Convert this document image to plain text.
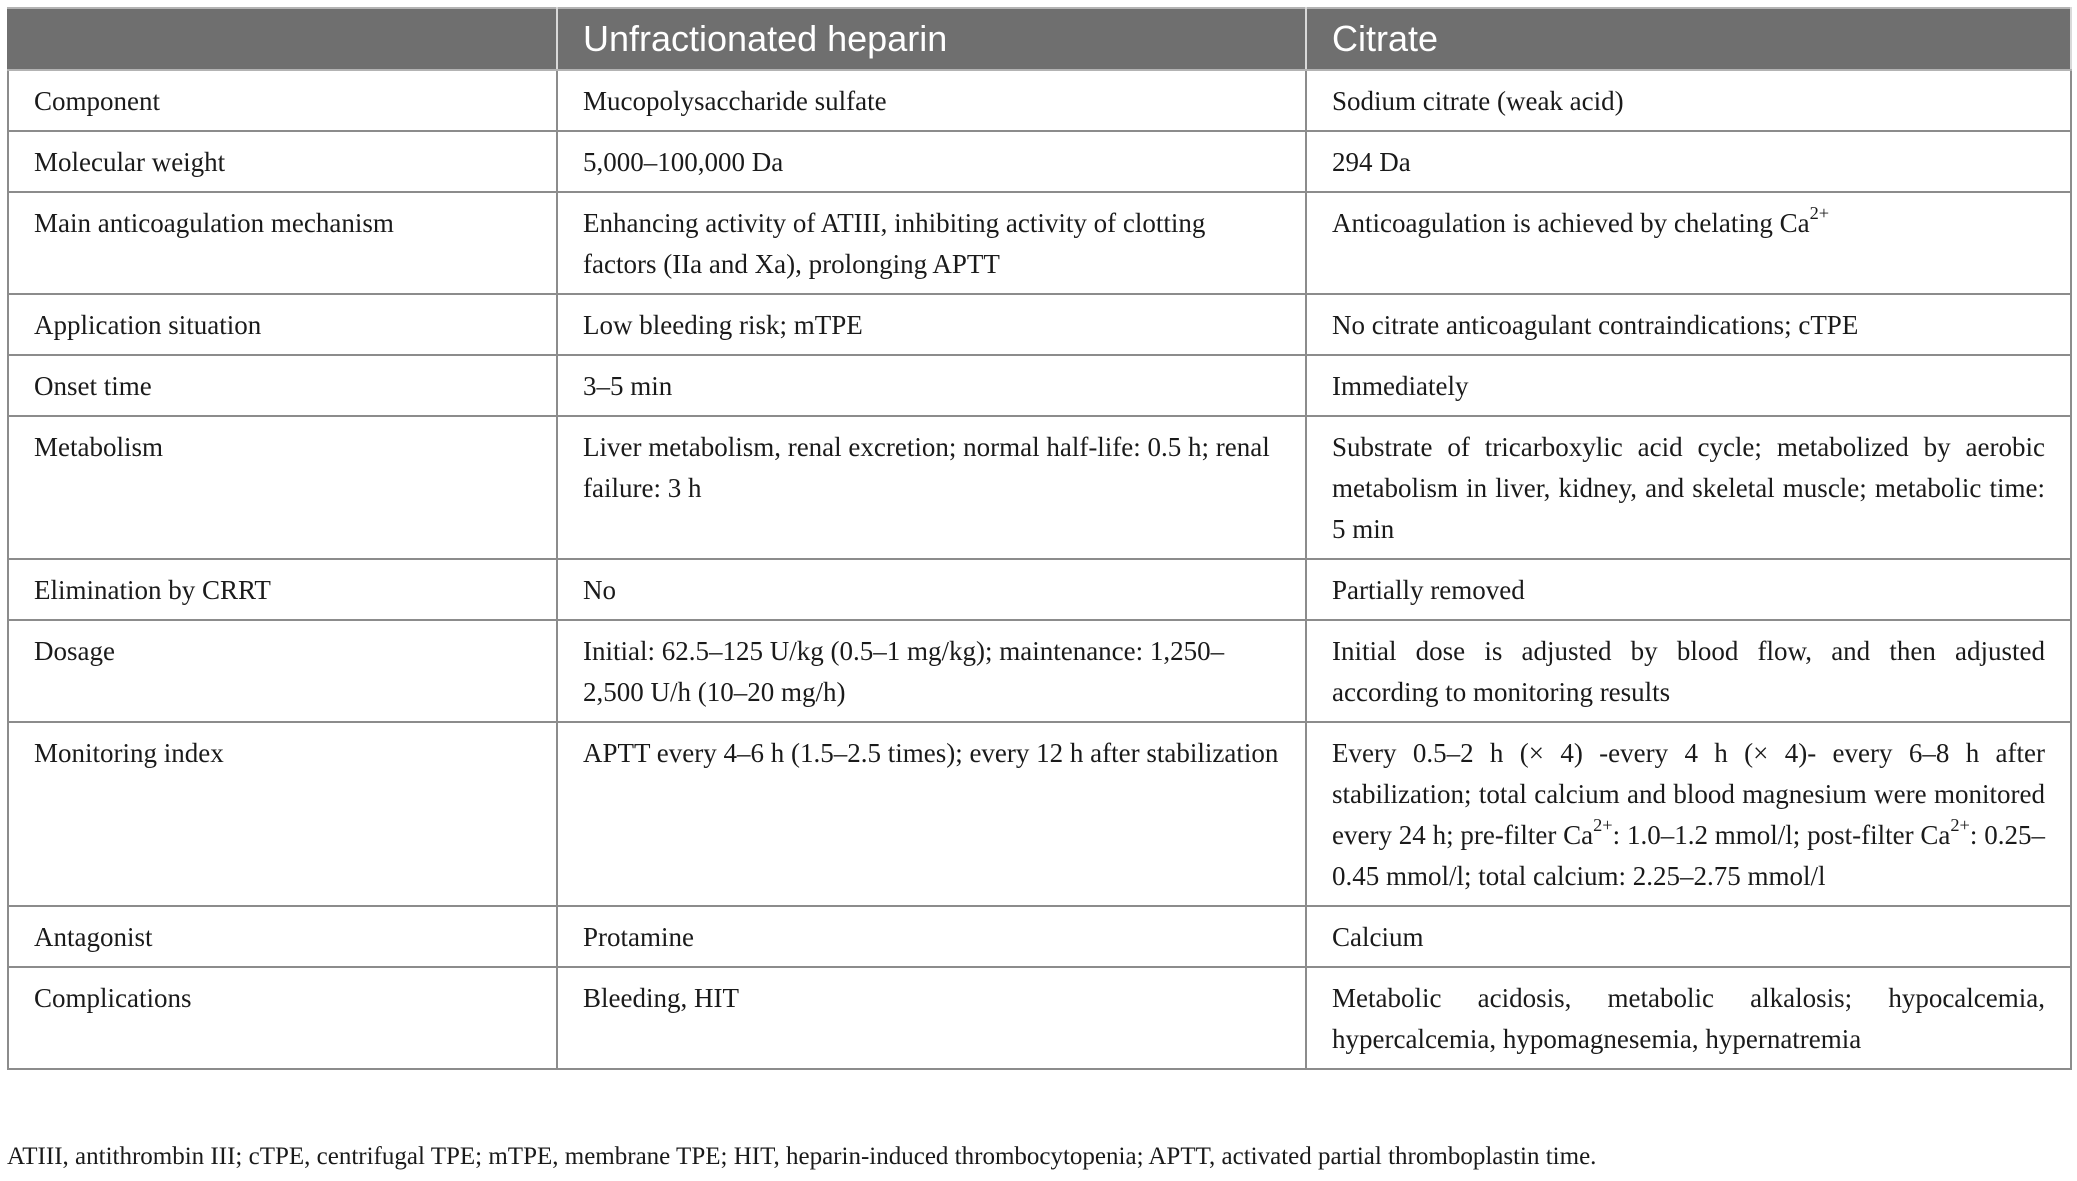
	Unfractionated heparin	Citrate
Component	Mucopolysaccharide sulfate	Sodium citrate (weak acid)
Molecular weight	5,000–100,000 Da	294 Da
Main anticoagulation mechanism	Enhancing activity of ATIII, inhibiting activity of clotting factors (IIa and Xa), prolonging APTT	Anticoagulation is achieved by chelating $Ca^{2+}$
Application situation	Low bleeding risk; mTPE	No citrate anticoagulant contraindications; cTPE
Onset time	3–5 min	Immediately
Metabolism	Liver metabolism, renal excretion; normal half-life: 0.5 h; renal failure: 3 h	Substrate of tricarboxylic acid cycle; metabolized by aerobic metabolism in liver, kidney, and skeletal muscle; metabolic time: 5 min
Elimination by CRRT	No	Partially removed
Dosage	Initial: 62.5–125 U/kg (0.5–1 mg/kg); maintenance: 1,250–2,500 U/h (10–20 mg/h)	Initial dose is adjusted by blood flow, and then adjusted according to monitoring results
Monitoring index	APTT every 4–6 h (1.5–2.5 times); every 12 h after stabilization	Every 0.5–2 h (× 4) -every 4 h (× 4)- every 6–8 h after stabilization; total calcium and blood magnesium were monitored every 24 h; pre-filter $Ca^{2+}$: 1.0–1.2 mmol/l; post-filter $Ca^{2+}$: 0.25–0.45 mmol/l; total calcium: 2.25–2.75 mmol/l
Antagonist	Protamine	Calcium
Complications	Bleeding, HIT	Metabolic acidosis, metabolic alkalosis; hypocalcemia, hypercalcemia, hypomagnesemia, hypernatremia
ATIII, antithrombin III; cTPE, centrifugal TPE; mTPE, membrane TPE; HIT, heparin-induced thrombocytopenia; APTT, activated partial thromboplastin time.
